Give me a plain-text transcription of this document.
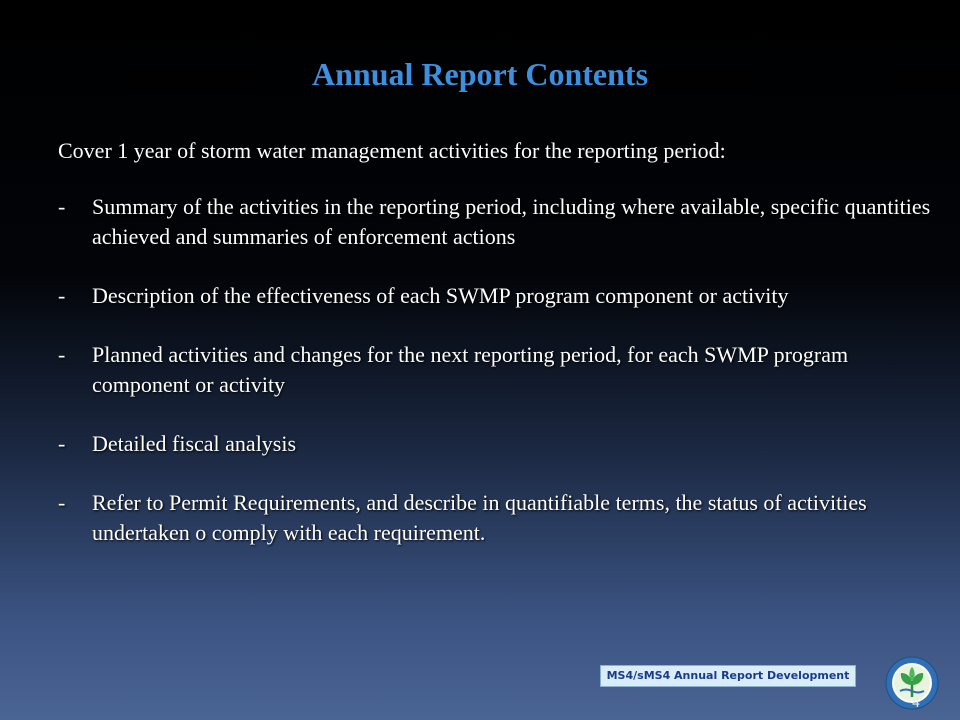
Annual Report Contents
Cover 1 year of storm water management activities for the reporting period:
-	Summary of the activities in the reporting period, including where available, specific quantities achieved and summaries of enforcement actions
-	Description of the effectiveness of each SWMP program component or activity
-	Planned activities and changes for the next reporting period, for each SWMP program component or activity
-	Detailed fiscal analysis
-	Refer to Permit Requirements, and describe in quantifiable terms, the status of activities undertaken o comply with each requirement.
MS4/sMS4 Annual Report Development
4
